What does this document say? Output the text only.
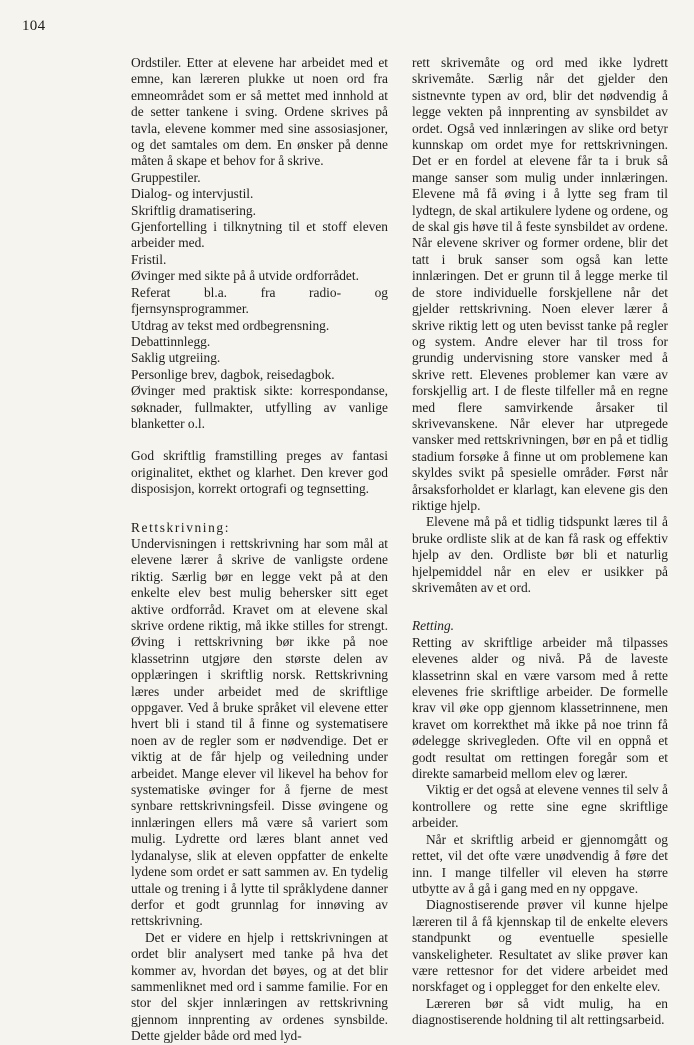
104

Ordstiler. Etter at elevene har arbeidet med et emne, kan læreren plukke ut noen ord fra emneområdet som er så mettet med innhold at de setter tankene i sving. Ordene skrives på tavla, elevene kommer med sine assosiasjoner, og det samtales om dem. En ønsker på denne måten å skape et behov for å skrive.

Gruppestiler.

Dialog- og intervjustil.

Skriftlig dramatisering.

Gjenfortelling i tilknytning til et stoff eleven arbeider med.

Fristil.

Øvinger med sikte på å utvide ordforrådet.

Referat bl.a. fra radio- og fjernsynsprogrammer.

Utdrag av tekst med ordbegrensning.

Debattinnlegg.

Saklig utgreiing.

Personlige brev, dagbok, reisedagbok.

Øvinger med praktisk sikte: korrespondanse, søknader, fullmakter, utfylling av vanlige blanketter o.l.

God skriftlig framstilling preges av fantasi originalitet, ekthet og klarhet. Den krever god disposisjon, korrekt ortografi og tegnsetting.

Rettskrivning:

Undervisningen i rettskrivning har som mål at elevene lærer å skrive de vanligste ordene riktig. Særlig bør en legge vekt på at den enkelte elev best mulig behersker sitt eget aktive ordforråd. Kravet om at elevene skal skrive ordene riktig, må ikke stilles for strengt. Øving i rettskrivning bør ikke på noe klassetrinn utgjøre den største delen av opplæringen i skriftlig norsk. Rettskrivning læres under arbeidet med de skriftlige oppgaver. Ved å bruke språket vil elevene etter hvert bli i stand til å finne og systematisere noen av de regler som er nødvendige. Det er viktig at de får hjelp og veiledning under arbeidet. Mange elever vil likevel ha behov for systematiske øvinger for å fjerne de mest synbare rettskrivningsfeil. Disse øvingene og innlæringen ellers må være så variert som mulig. Lydrette ord læres blant annet ved lydanalyse, slik at eleven oppfatter de enkelte lydene som ordet er satt sammen av. En tydelig uttale og trening i å lytte til språklydene danner derfor et godt grunnlag for innøving av rettskrivning.

Det er videre en hjelp i rettskrivningen at ordet blir analysert med tanke på hva det kommer av, hvordan det bøyes, og at det blir sammenliknet med ord i samme familie. For en stor del skjer innlæringen av rettskrivning gjennom innprenting av ordenes synsbilde. Dette gjelder både ord med lyd-

rett skrivemåte og ord med ikke lydrett skrivemåte. Særlig når det gjelder den sistnevnte typen av ord, blir det nødvendig å legge vekten på innprenting av synsbildet av ordet. Også ved innlæringen av slike ord betyr kunnskap om ordet mye for rettskrivningen. Det er en fordel at elevene får ta i bruk så mange sanser som mulig under innlæringen. Elevene må få øving i å lytte seg fram til lydtegn, de skal artikulere lydene og ordene, og de skal gis høve til å feste synsbildet av ordene. Når elevene skriver og former ordene, blir det tatt i bruk sanser som også kan lette innlæringen. Det er grunn til å legge merke til de store individuelle forskjellene når det gjelder rettskrivning. Noen elever lærer å skrive riktig lett og uten bevisst tanke på regler og system. Andre elever har til tross for grundig undervisning store vansker med å skrive rett. Elevenes problemer kan være av forskjellig art. I de fleste tilfeller må en regne med flere samvirkende årsaker til skrivevanskene. Når elever har utpregede vansker med rettskrivningen, bør en på et tidlig stadium forsøke å finne ut om problemene kan skyldes svikt på spesielle områder. Først når årsaksforholdet er klarlagt, kan elevene gis den riktige hjelp.

Elevene må på et tidlig tidspunkt læres til å bruke ordliste slik at de kan få rask og effektiv hjelp av den. Ordliste bør bli et naturlig hjelpemiddel når en elev er usikker på skrivemåten av et ord.

Retting.

Retting av skriftlige arbeider må tilpasses elevenes alder og nivå. På de laveste klassetrinn skal en være varsom med å rette elevenes frie skriftlige arbeider. De formelle krav vil øke opp gjennom klassetrinnene, men kravet om korrekthet må ikke på noe trinn få ødelegge skrivegleden. Ofte vil en oppnå et godt resultat om rettingen foregår som et direkte samarbeid mellom elev og lærer.

Viktig er det også at elevene vennes til selv å kontrollere og rette sine egne skriftlige arbeider.

Når et skriftlig arbeid er gjennomgått og rettet, vil det ofte være unødvendig å føre det inn. I mange tilfeller vil eleven ha større utbytte av å gå i gang med en ny oppgave.

Diagnostiserende prøver vil kunne hjelpe læreren til å få kjennskap til de enkelte elevers standpunkt og eventuelle spesielle vanskeligheter. Resultatet av slike prøver kan være rettesnor for det videre arbeidet med norskfaget og i opplegget for den enkelte elev.

Læreren bør så vidt mulig, ha en diagnostiserende holdning til alt rettingsarbeid.
